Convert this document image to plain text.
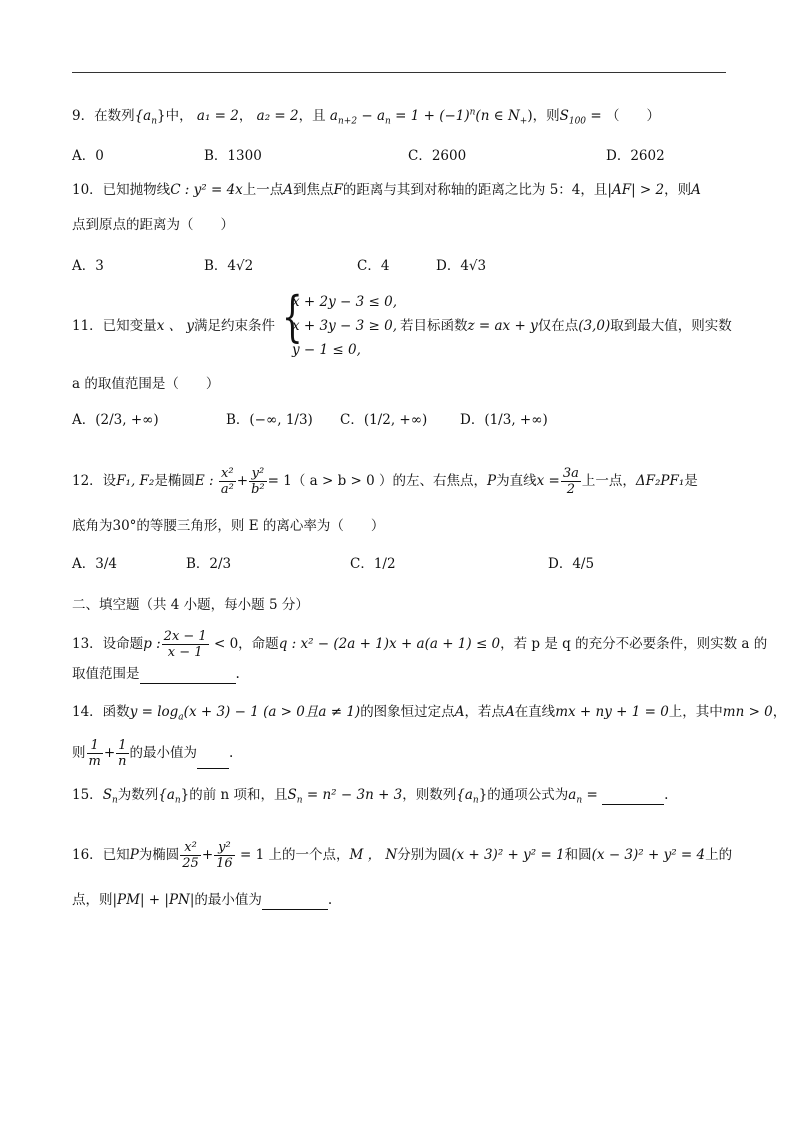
9．在数列$\{a_n\}$中， a₁ = 2， a₂ = 2，且 $a_{n+2} - a_n = 1 + (-1)^n(n$ ∈ $N_+$)，则$S_{100}$ = （　　）
A．0	B．1300	C．2600	D．2602
10．已知抛物线C : y² = 4x上一点A到焦点F的距离与其到对称轴的距离之比为 5：4，且|AF| > 2，则A
点到原点的距离为（　　）
A．3	B．4√2	C．4	D．4√3
{
x + 2y − 3 ≤ 0,
x + 3y − 3 ≥ 0,
y − 1 ≤ 0,
11．已知变量x 、 y满足约束条件	若目标函数z = ax + y仅在点(3,0)取到最大值，则实数
a 的取值范围是（　　）
A．(2/3, +∞)	B．(−∞, 1/3) C．(1/2, +∞) D．(1/3, +∞)
12．设F₁, F₂是椭圆E : $\frac{\text{x²}}{\text{a²}} + \frac{\text{y²}}{\text{b²}} = 1$（ a > b > 0 ）的左、右焦点，P为直线$x = \frac{3a}{2}$ 上一点，ΔF₂PF₁是
底角为30°的等腰三角形，则 E 的离心率为（　　）
A．3/4	B．2/3	C．1/2	D．4/5
二、填空题（共 4 小题，每小题 5 分）
13．设命题p : $\frac{2x - 1}{x - 1} < 0$，命题q : x² − (2a + 1)x + a(a + 1) ≤ 0，若 p 是 q 的充分不必要条件，则实数 a 的
取值范围是	.
14．函数$y = \log_a(x + 3) - 1$ (a > 0且a ≠ 1)的图象恒过定点A，若点A在直线mx + ny + 1 = 0上，其中mn > 0，
则 $\frac{1}{m} + \frac{1}{n}$ 的最小值为 .
15．$S_n$为数列$\{a_n\}$的前 n 项和，且$S_n = n^2 - 3n + 3$，则数列$\{a_n\}$的通项公式为$a_n$ =	.
16．已知P为椭圆 $\frac{\text{x²}}{25} + \frac{\text{y²}}{16} = 1$ 上的一个点，M ， N分别为圆(x + 3)² + y² = 1和圆(x − 3)² + y² = 4上的
点，则|PM| + |PN|的最小值为	.
